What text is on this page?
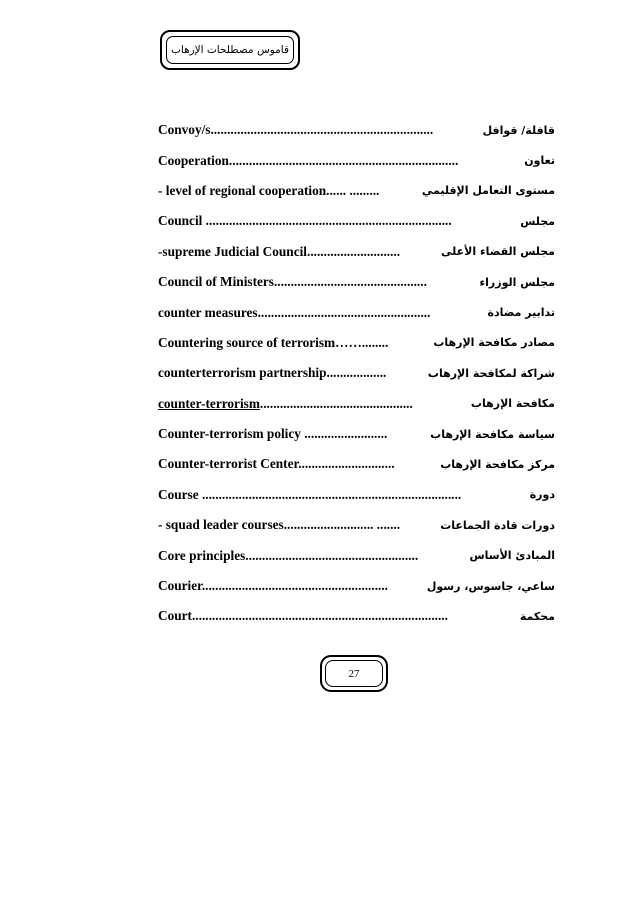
قاموس مصطلحات الإرهاب
Convoy/s...................................................................	قافلة/ قوافل
Cooperation.....................................................................	تعاون
- level of regional cooperation...... .........	مستوى التعامل الإقليمي
Council ..........................................................................	مجلس
-supreme Judicial Council............................	مجلس القضاء الأعلى
Council of Ministers..............................................	مجلس الوزراء
counter measures....................................................	تدابير مضادة
Countering source of terrorism……........	مصادر مكافحة الإرهاب
counterterrorism partnership..................	شراكة لمكافحة الإرهاب
counter-terrorism..............................................	مكافحة الإرهاب
Counter-terrorism policy .........................	سياسة مكافحة الإرهاب
Counter-terrorist Center.............................	مركز مكافحة الإرهاب
Course ..............................................................................	دورة
- squad leader courses........................... .......	دورات قادة الجماعات
Core principles....................................................	المبادئ الأساس
Courier........................................................	ساعي، جاسوس، رسول
Court.............................................................................	محكمة
27
